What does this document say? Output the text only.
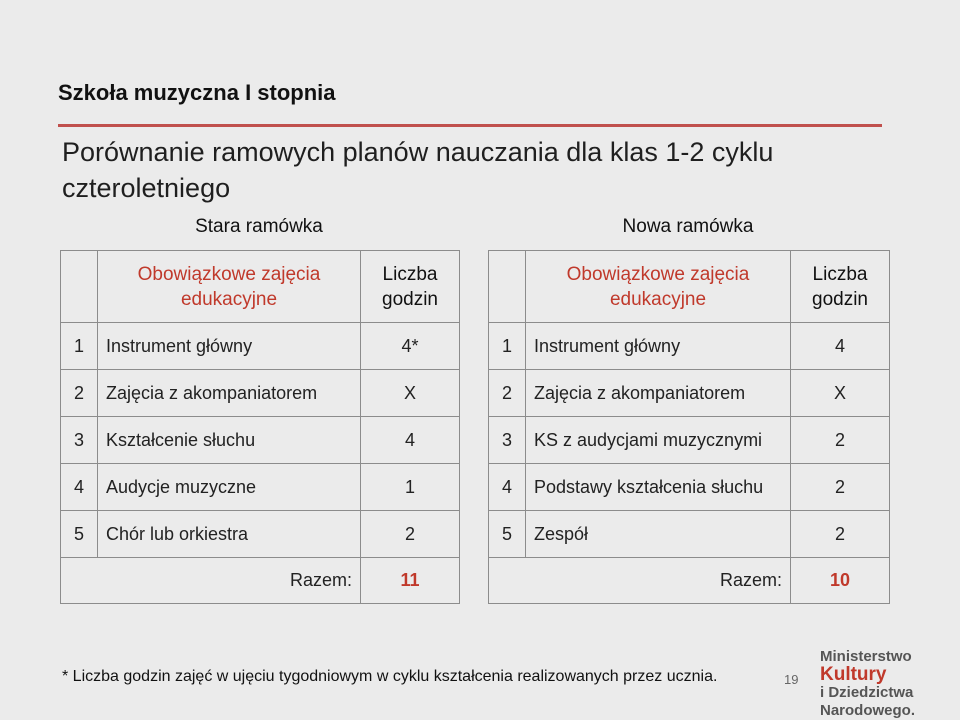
Szkoła muzyczna I stopnia
Porównanie ramowych planów nauczania dla klas 1-2 cyklu czteroletniego
Stara ramówka

	Obowiązkowe zajęcia edukacyjne	Liczba godzin

1	Instrument główny	4*
2	Zajęcia z akompaniatorem	X
3	Kształcenie słuchu	4
4	Audycje muzyczne	1
5	Chór lub orkiestra	2
Razem:		11
Nowa ramówka

	Obowiązkowe zajęcia edukacyjne	Liczba godzin

1	Instrument główny	4
2	Zajęcia z akompaniatorem	X
3	KS z audycjami muzycznymi	2
4	Podstawy kształcenia słuchu	2
5	Zespół	2
Razem:		10
* Liczba godzin zajęć w ujęciu tygodniowym w cyklu kształcenia realizowanych przez ucznia.	19
Ministerstwo
Kultury
i Dziedzictwa
Narodowego.
